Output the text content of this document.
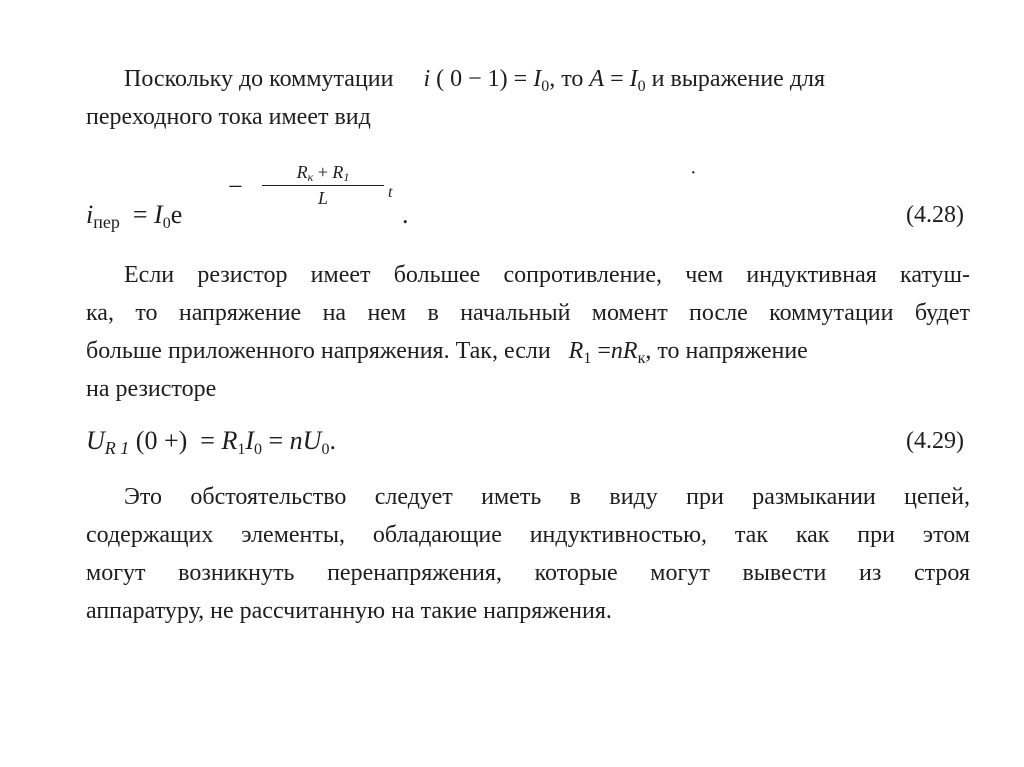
Поскольку до коммутации i ( $0 - 1) = I_0$, то $A = I_0$ и выражение для
переходного тока имеет вид
$i_{пер} = I_0e$
−	$R_к + R_1$
L	t
.	(4.28)
·
Если резистор имеет большее сопротивление, чем индуктивная катуш-
ка, то напряжение на нем в начальный момент после коммутации будет
больше приложенного напряжения. Так, если $R_1 =nR_к$, то напряжение
на резисторе
$U_{R 1}$ (0 +) = $R_1I_0 = nU_0$.	(4.29)
Это обстоятельство следует иметь в виду при размыкании цепей,
содержащих элементы, обладающие индуктивностью, так как при этом
могут возникнуть перенапряжения, которые могут вывести из строя
аппаратуру, не рассчитанную на такие напряжения.
